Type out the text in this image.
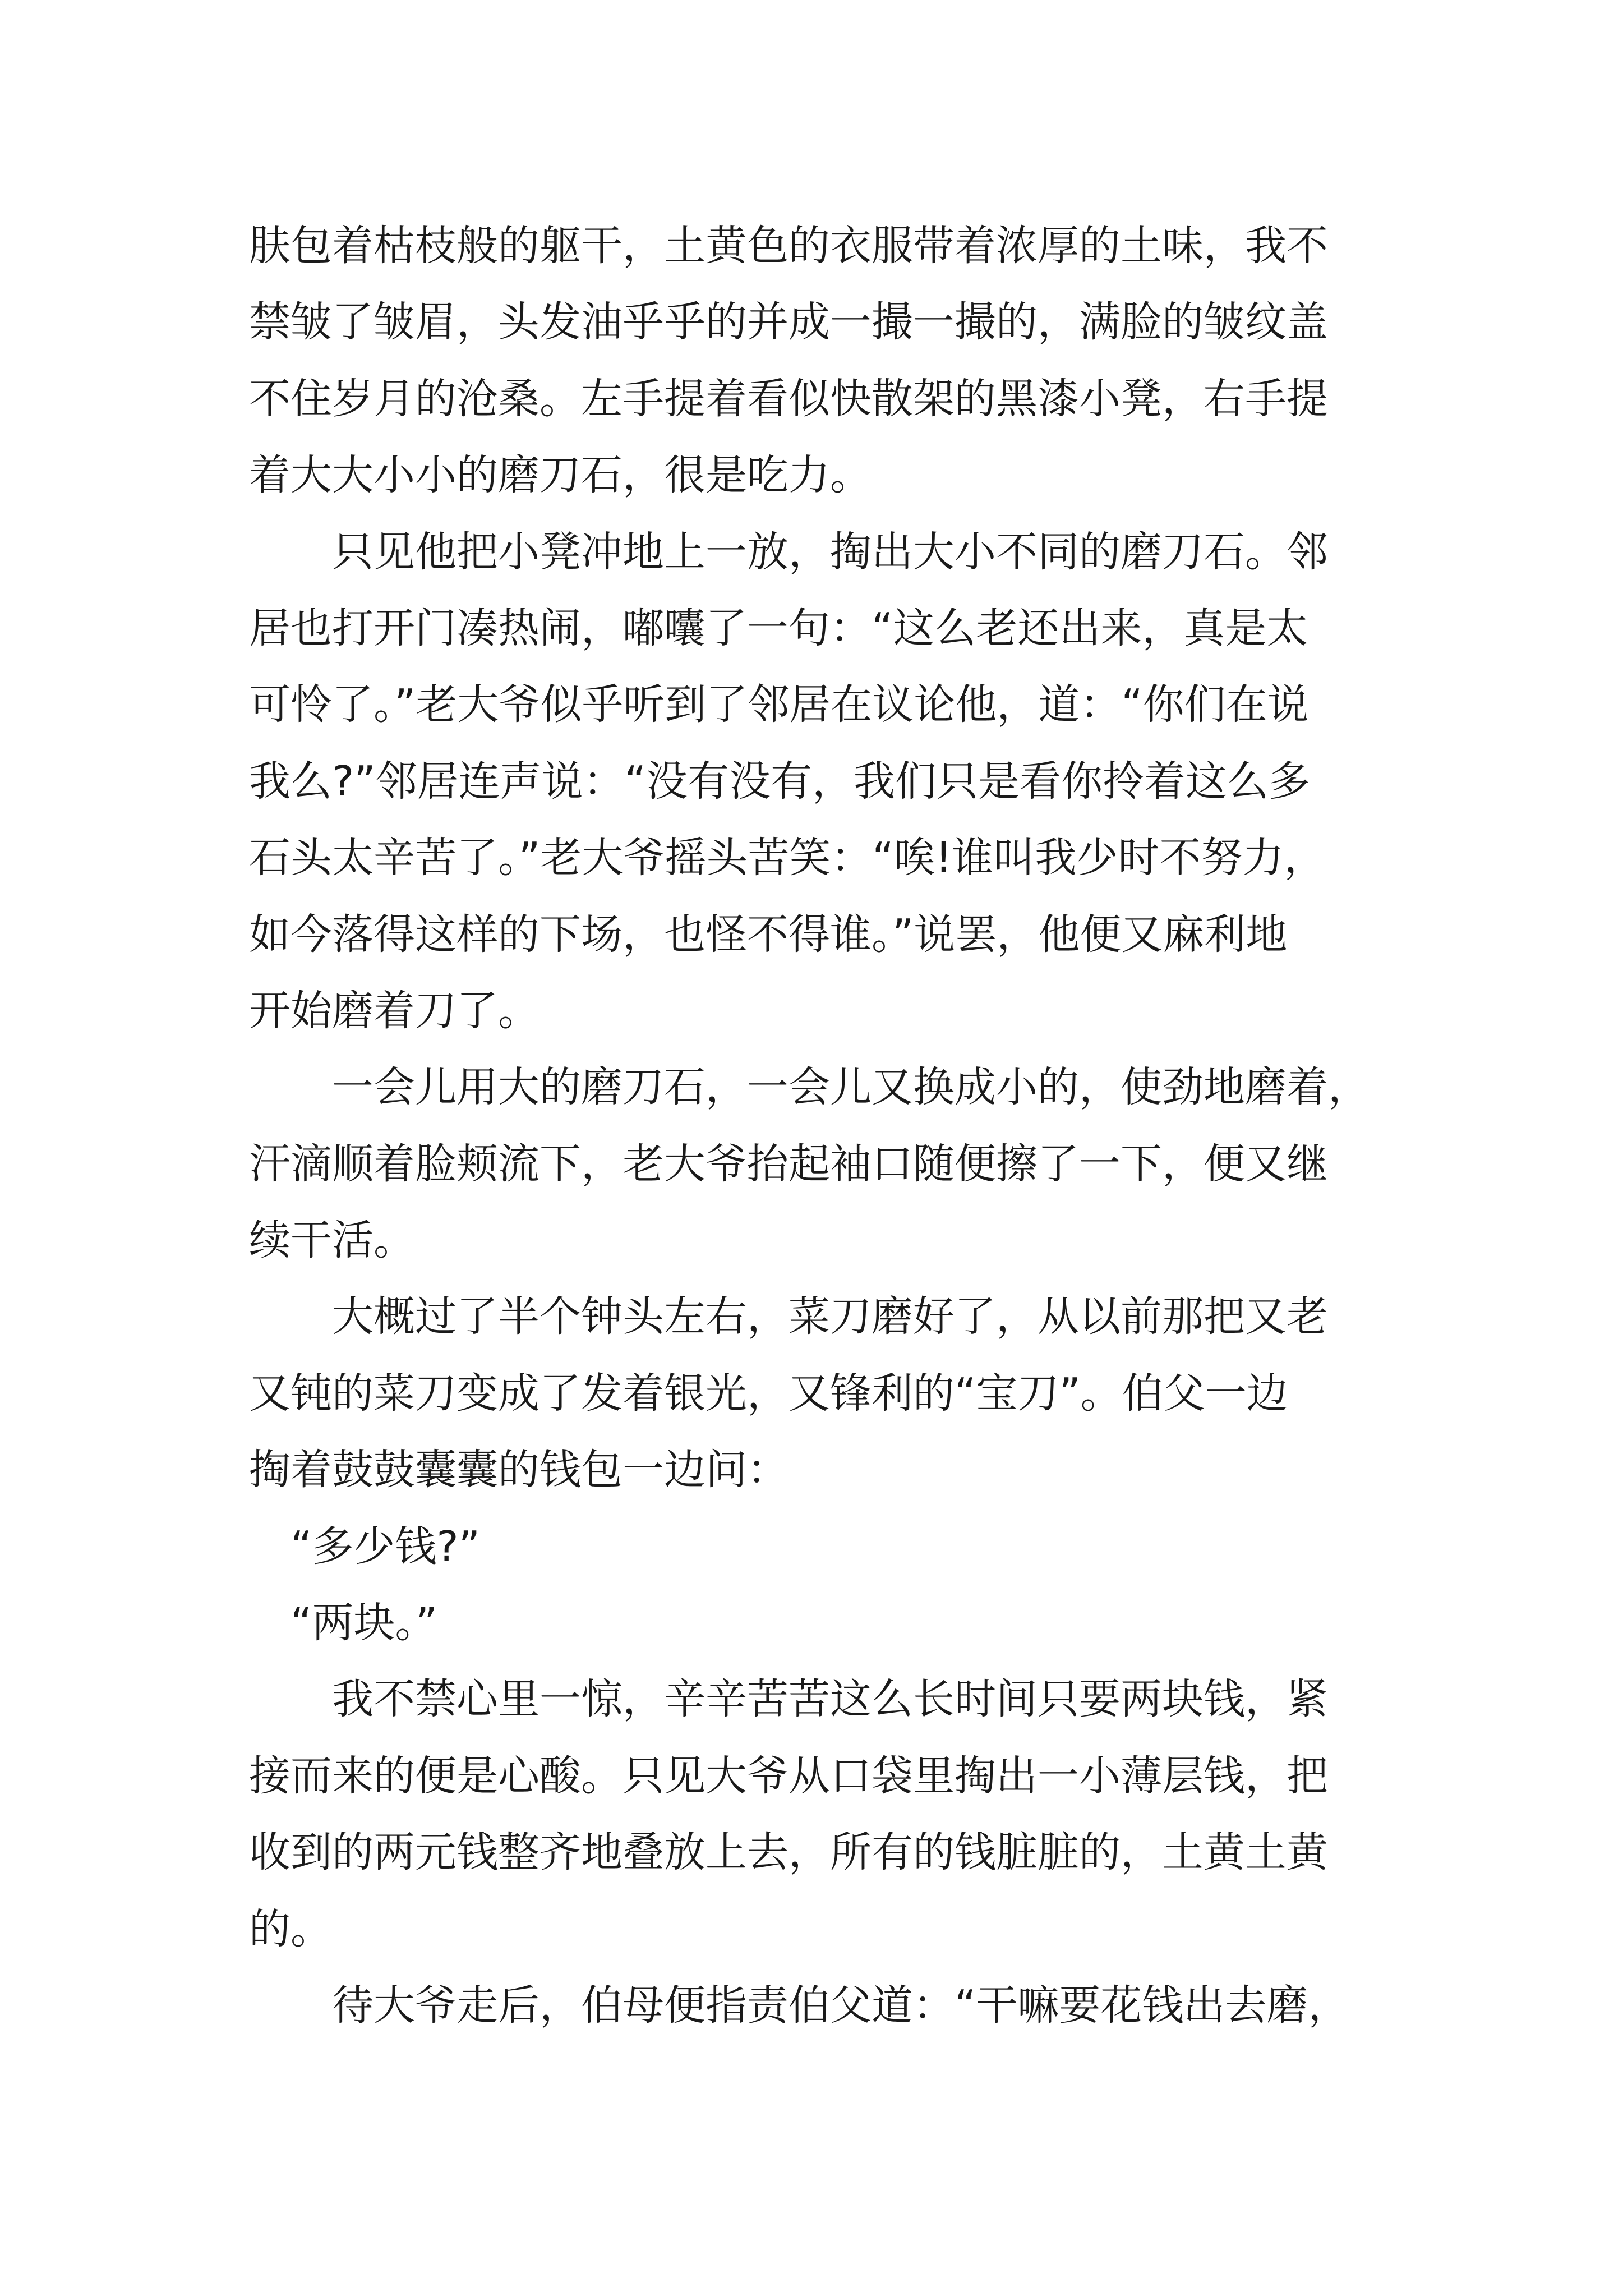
肤包着枯枝般的躯干，土黄色的衣服带着浓厚的土味，我不
禁皱了皱眉，头发油乎乎的并成一撮一撮的，满脸的皱纹盖
不住岁月的沧桑。左手提着看似快散架的黑漆小凳，右手提
着大大小小的磨刀石，很是吃力。
　　只见他把小凳冲地上一放，掏出大小不同的磨刀石。邻
居也打开门凑热闹，嘟囔了一句：“这么老还出来，真是太
可怜了。”老大爷似乎听到了邻居在议论他，道：“你们在说
我么?”邻居连声说：“没有没有，我们只是看你拎着这么多
石头太辛苦了。”老大爷摇头苦笑：“唉!谁叫我少时不努力，
如今落得这样的下场，也怪不得谁。”说罢，他便又麻利地
开始磨着刀了。
　　一会儿用大的磨刀石，一会儿又换成小的，使劲地磨着，
汗滴顺着脸颊流下，老大爷抬起袖口随便擦了一下，便又继
续干活。
　　大概过了半个钟头左右，菜刀磨好了，从以前那把又老
又钝的菜刀变成了发着银光，又锋利的“宝刀”。伯父一边
掏着鼓鼓囊囊的钱包一边问：
　“多少钱?”
　“两块。”
　　我不禁心里一惊，辛辛苦苦这么长时间只要两块钱，紧
接而来的便是心酸。只见大爷从口袋里掏出一小薄层钱，把
收到的两元钱整齐地叠放上去，所有的钱脏脏的，土黄土黄
的。
　　待大爷走后，伯母便指责伯父道：“干嘛要花钱出去磨，
